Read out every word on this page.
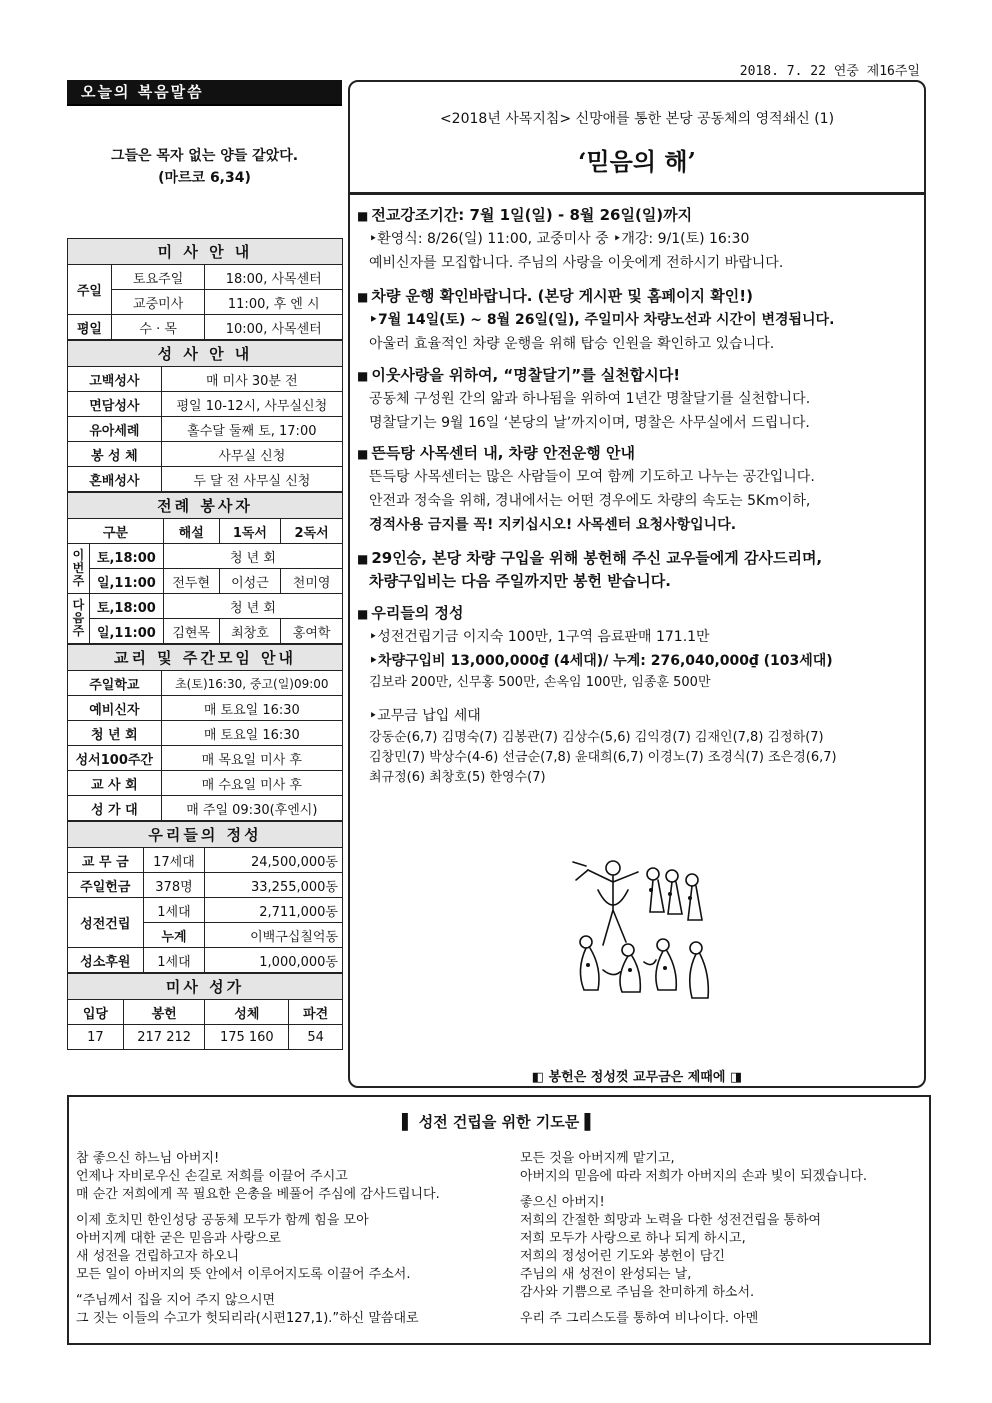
2018. 7. 22 연중 제16주일
오늘의 복음말씀
그들은 목자 없는 양들 같았다.
(마르코 6,34)
미 사 안 내		
주일	토요주일	18:00, 사목센터
	교중미사	11:00, 후 엔 시
평일	수 · 목	10:00, 사목센터
성 사 안 내	
고백성사	매 미사 30분 전
면담성사	평일 10-12시, 사무실신청
유아세례	홀수달 둘째 토, 17:00
봉 성 체	사무실 신청
혼배성사	두 달 전 사무실 신청
전례 봉사자				
구분		해설	1독서	2독서
이번주	토,18:00	청 년 회		
	일,11:00	전두현	이성근	천미영
다음주	토,18:00	청 년 회		
	일,11:00	김현목	최창호	홍여학
교리 및 주간모임 안내	
주일학교	초(토)16:30, 중고(일)09:00
예비신자	매 토요일 16:30
청 년 회	매 토요일 16:30
성서100주간	매 목요일 미사 후
교 사 회	매 수요일 미사 후
성 가 대	매 주일 09:30(후엔시)
우리들의 정성		
교 무 금	17세대	24,500,000동
주일헌금	378명	33,255,000동
성전건립	1세대	2,711,000동
	누계	이백구십칠억동
성소후원	1세대	1,000,000동
미사 성가			
입당	봉헌	성체	파견
17	217 212	175 160	54
<2018년 사목지침> 신망애를 통한 본당 공동체의 영적쇄신 (1)
‘믿음의 해’
■ 전교강조기간: 7월 1일(일) - 8월 26일(일)까지
‣환영식: 8/26(일) 11:00, 교중미사 중 ‣개강: 9/1(토) 16:30
예비신자를 모집합니다. 주님의 사랑을 이웃에게 전하시기 바랍니다.
■ 차량 운행 확인바랍니다. (본당 게시판 및 홈페이지 확인!)
‣7월 14일(토) ~ 8월 26일(일), 주일미사 차량노선과 시간이 변경됩니다.
아울러 효율적인 차량 운행을 위해 탑승 인원을 확인하고 있습니다.
■ 이웃사랑을 위하여, “명찰달기”를 실천합시다!
공동체 구성원 간의 앎과 하나됨을 위하여 1년간 명찰달기를 실천합니다.
명찰달기는 9월 16일 ‘본당의 날’까지이며, 명찰은 사무실에서 드립니다.
■ 뜬득탕 사목센터 내, 차량 안전운행 안내
뜬득탕 사목센터는 많은 사람들이 모여 함께 기도하고 나누는 공간입니다.
안전과 정숙을 위해, 경내에서는 어떤 경우에도 차량의 속도는 5Km이하,
경적사용 금지를 꼭! 지키십시오! 사목센터 요청사항입니다.
■ 29인승, 본당 차량 구입을 위해 봉헌해 주신 교우들에게 감사드리며,
차량구입비는 다음 주일까지만 봉헌 받습니다.
■ 우리들의 정성
‣성전건립기금 이지숙 100만, 1구역 음료판매 171.1만
‣차량구입비 13,000,000₫ (4세대)/ 누계: 276,040,000₫ (103세대)
김보라 200만, 신무홍 500만, 손옥임 100만, 임종훈 500만
‣교무금 납입 세대
강동순(6,7) 김명숙(7) 김봉관(7) 김상수(5,6) 김익경(7) 김재인(7,8) 김정하(7)
김창민(7) 박상수(4-6) 선금순(7,8) 윤대희(6,7) 이경노(7) 조경식(7) 조은경(6,7)
최규정(6) 최창호(5) 한영수(7)
◧ 봉헌은 정성껏 교무금은 제때에 ◨
▌ 성전 건립을 위한 기도문 ▌
참 좋으신 하느님 아버지!
언제나 자비로우신 손길로 저희를 이끌어 주시고
매 순간 저희에게 꼭 필요한 은총을 베풀어 주심에 감사드립니다.
이제 호치민 한인성당 공동체 모두가 함께 힘을 모아
아버지께 대한 굳은 믿음과 사랑으로
새 성전을 건립하고자 하오니
모든 일이 아버지의 뜻 안에서 이루어지도록 이끌어 주소서.
“주님께서 집을 지어 주지 않으시면
그 짓는 이들의 수고가 헛되리라(시편127,1).”하신 말씀대로
모든 것을 아버지께 맡기고,
아버지의 믿음에 따라 저희가 아버지의 손과 빛이 되겠습니다.
좋으신 아버지!
저희의 간절한 희망과 노력을 다한 성전건립을 통하여
저희 모두가 사랑으로 하나 되게 하시고,
저희의 정성어린 기도와 봉헌이 담긴
주님의 새 성전이 완성되는 날,
감사와 기쁨으로 주님을 찬미하게 하소서.
우리 주 그리스도를 통하여 비나이다. 아멘
